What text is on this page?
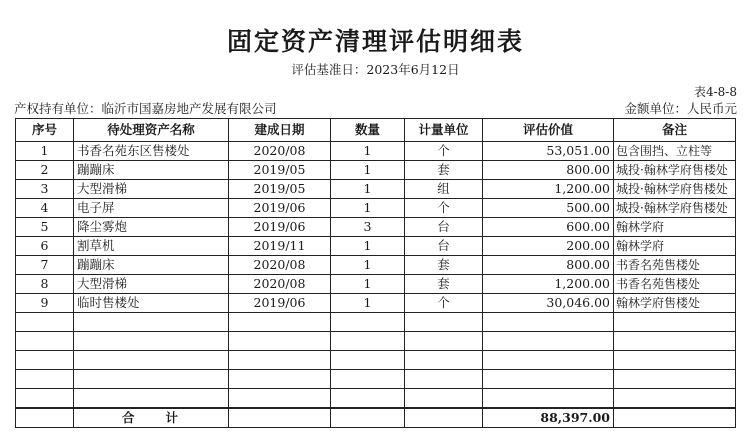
固定资产清理评估明细表
评估基准日：2023年6月12日
表4-8-8
产权持有单位：临沂市国嘉房地产发展有限公司	金额单位：人民币元
序号	待处理资产名称	建成日期	数量	计量单位	评估价值	备注
1	书香名苑东区售楼处	2020/08	1	个	53,051.00	包含围挡、立柱等
2	蹦蹦床	2019/05	1	套	800.00	城投·翰林学府售楼处
3	大型滑梯	2019/05	1	组	1,200.00	城投·翰林学府售楼处
4	电子屏	2019/06	1	个	500.00	城投·翰林学府售楼处
5	降尘雾炮	2019/06	3	台	600.00	翰林学府
6	割草机	2019/11	1	台	200.00	翰林学府
7	蹦蹦床	2020/08	1	套	800.00	书香名苑售楼处
8	大型滑梯	2020/08	1	套	1,200.00	书香名苑售楼处
9	临时售楼处	2019/06	1	个	30,046.00	翰林学府售楼处

	合　　计				88,397.00	
